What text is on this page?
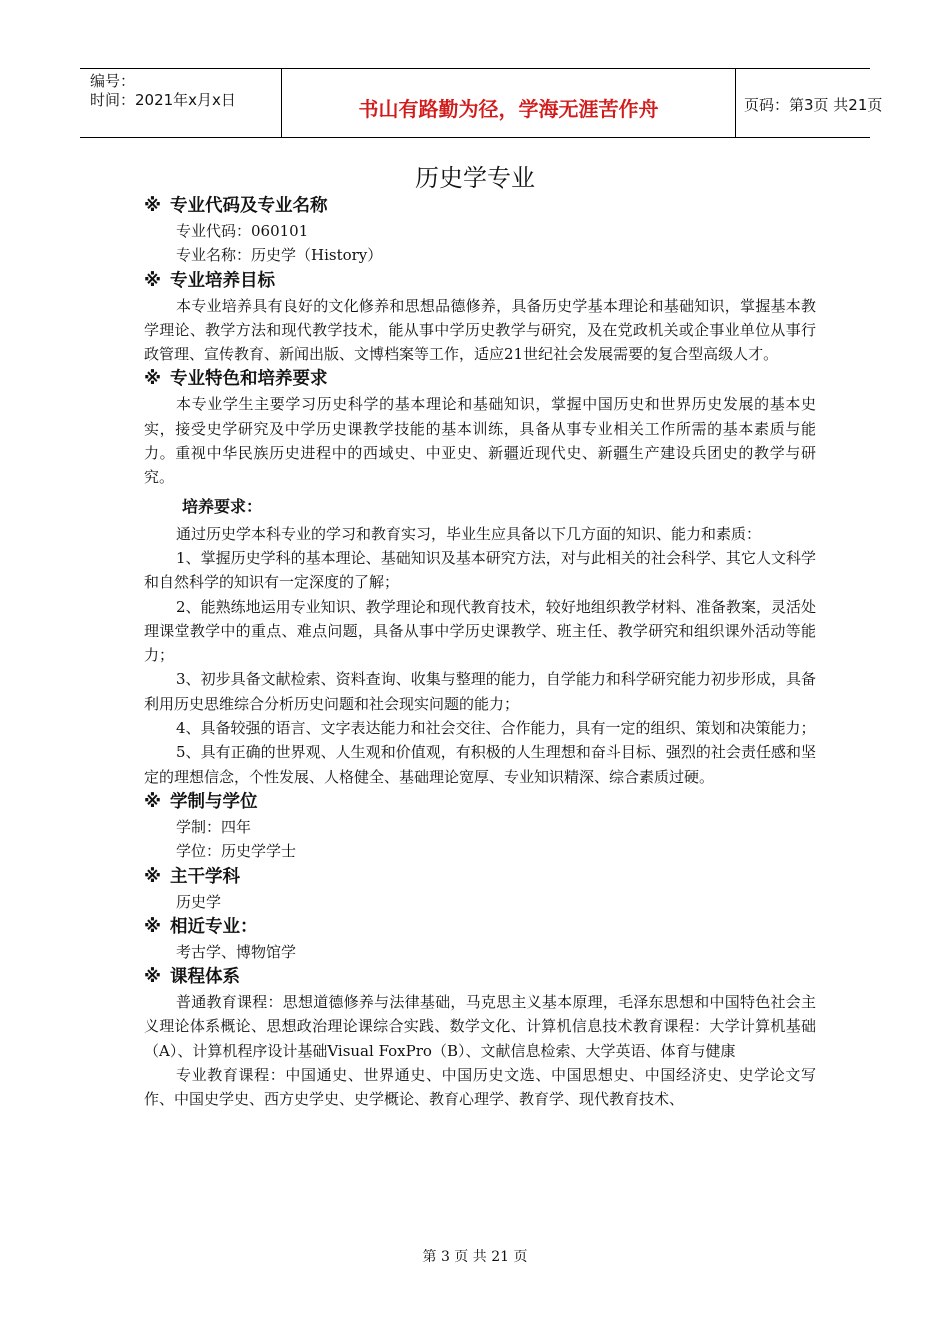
编号：
时间：2021年x月x日	书山有路勤为径，学海无涯苦作舟	页码：第3页 共21页
历史学专业
※ 专业代码及专业名称

专业代码：060101

专业名称：历史学（History）

※ 专业培养目标

本专业培养具有良好的文化修养和思想品德修养，具备历史学基本理论和基础知识，掌握基本教学理论、教学方法和现代教学技术，能从事中学历史教学与研究，及在党政机关或企事业单位从事行政管理、宣传教育、新闻出版、文博档案等工作，适应21世纪社会发展需要的复合型高级人才。

※ 专业特色和培养要求

本专业学生主要学习历史科学的基本理论和基础知识，掌握中国历史和世界历史发展的基本史实，接受史学研究及中学历史课教学技能的基本训练，具备从事专业相关工作所需的基本素质与能力。重视中华民族历史进程中的西域史、中亚史、新疆近现代史、新疆生产建设兵团史的教学与研究。

培养要求：

通过历史学本科专业的学习和教育实习，毕业生应具备以下几方面的知识、能力和素质：

1、掌握历史学科的基本理论、基础知识及基本研究方法，对与此相关的社会科学、其它人文科学和自然科学的知识有一定深度的了解；

2、能熟练地运用专业知识、教学理论和现代教育技术，较好地组织教学材料、准备教案，灵活处理课堂教学中的重点、难点问题，具备从事中学历史课教学、班主任、教学研究和组织课外活动等能力；

3、初步具备文献检索、资料查询、收集与整理的能力，自学能力和科学研究能力初步形成，具备利用历史思维综合分析历史问题和社会现实问题的能力；

4、具备较强的语言、文字表达能力和社会交往、合作能力，具有一定的组织、策划和决策能力；

5、具有正确的世界观、人生观和价值观，有积极的人生理想和奋斗目标、强烈的社会责任感和坚定的理想信念，个性发展、人格健全、基础理论宽厚、专业知识精深、综合素质过硬。

※ 学制与学位

学制：四年

学位：历史学学士

※ 主干学科

历史学

※ 相近专业：

考古学、博物馆学

※ 课程体系

普通教育课程：思想道德修养与法律基础，马克思主义基本原理，毛泽东思想和中国特色社会主义理论体系概论、思想政治理论课综合实践、数学文化、计算机信息技术教育课程：大学计算机基础（A）、计算机程序设计基础Visual FoxPro（B）、文献信息检索、大学英语、体育与健康

专业教育课程：中国通史、世界通史、中国历史文选、中国思想史、中国经济史、史学论文写作、中国史学史、西方史学史、史学概论、教育心理学、教育学、现代教育技术、

第 3 页 共 21 页
